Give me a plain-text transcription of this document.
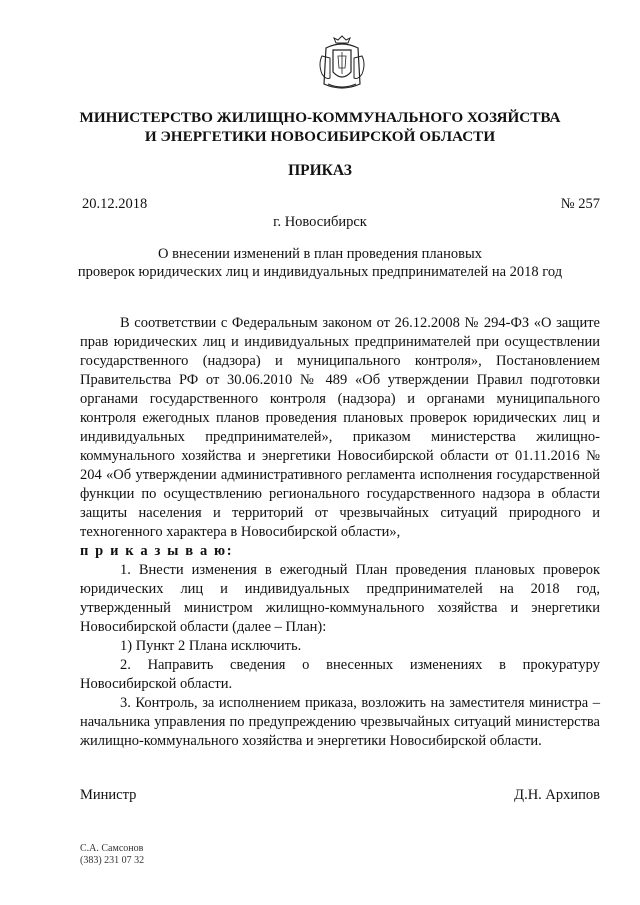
МИНИСТЕРСТВО ЖИЛИЩНО-КОММУНАЛЬНОГО ХОЗЯЙСТВА
И ЭНЕРГЕТИКИ НОВОСИБИРСКОЙ ОБЛАСТИ
ПРИКАЗ
20.12.2018	№ 257
г. Новосибирск
О внесении изменений в план проведения плановых
проверок юридических лиц и индивидуальных предпринимателей на 2018 год

В соответствии с Федеральным законом от 26.12.2008 № 294-ФЗ «О защите прав юридических лиц и индивидуальных предпринимателей при осуществлении государственного (надзора) и муниципального контроля», Постановлением Правительства РФ от 30.06.2010 № 489 «Об утверждении Правил подготовки органами государственного контроля (надзора) и органами муниципального контроля ежегодных планов проведения плановых проверок юридических лиц и индивидуальных предпринимателей», приказом министерства жилищно-коммунального хозяйства и энергетики Новосибирской области от 01.11.2016 № 204 «Об утверждении административного регламента исполнения государственной функции по осуществлению регионального государственного надзора в области защиты населения и территорий от чрезвычайных ситуаций природного и техногенного характера в Новосибирской области»,

п р и к а з ы в а ю:

1. Внести изменения в ежегодный План проведения плановых проверок юридических лиц и индивидуальных предпринимателей на 2018 год, утвержденный министром жилищно-коммунального хозяйства и энергетики Новосибирской области (далее – План):

1) Пункт 2 Плана исключить.

2. Направить сведения о внесенных изменениях в прокуратуру Новосибирской области.

3. Контроль, за исполнением приказа, возложить на заместителя министра – начальника управления по предупреждению чрезвычайных ситуаций министерства жилищно-коммунального хозяйства и энергетики Новосибирской области.

Министр	Д.Н. Архипов
С.А. Самсонов
(383) 231 07 32
